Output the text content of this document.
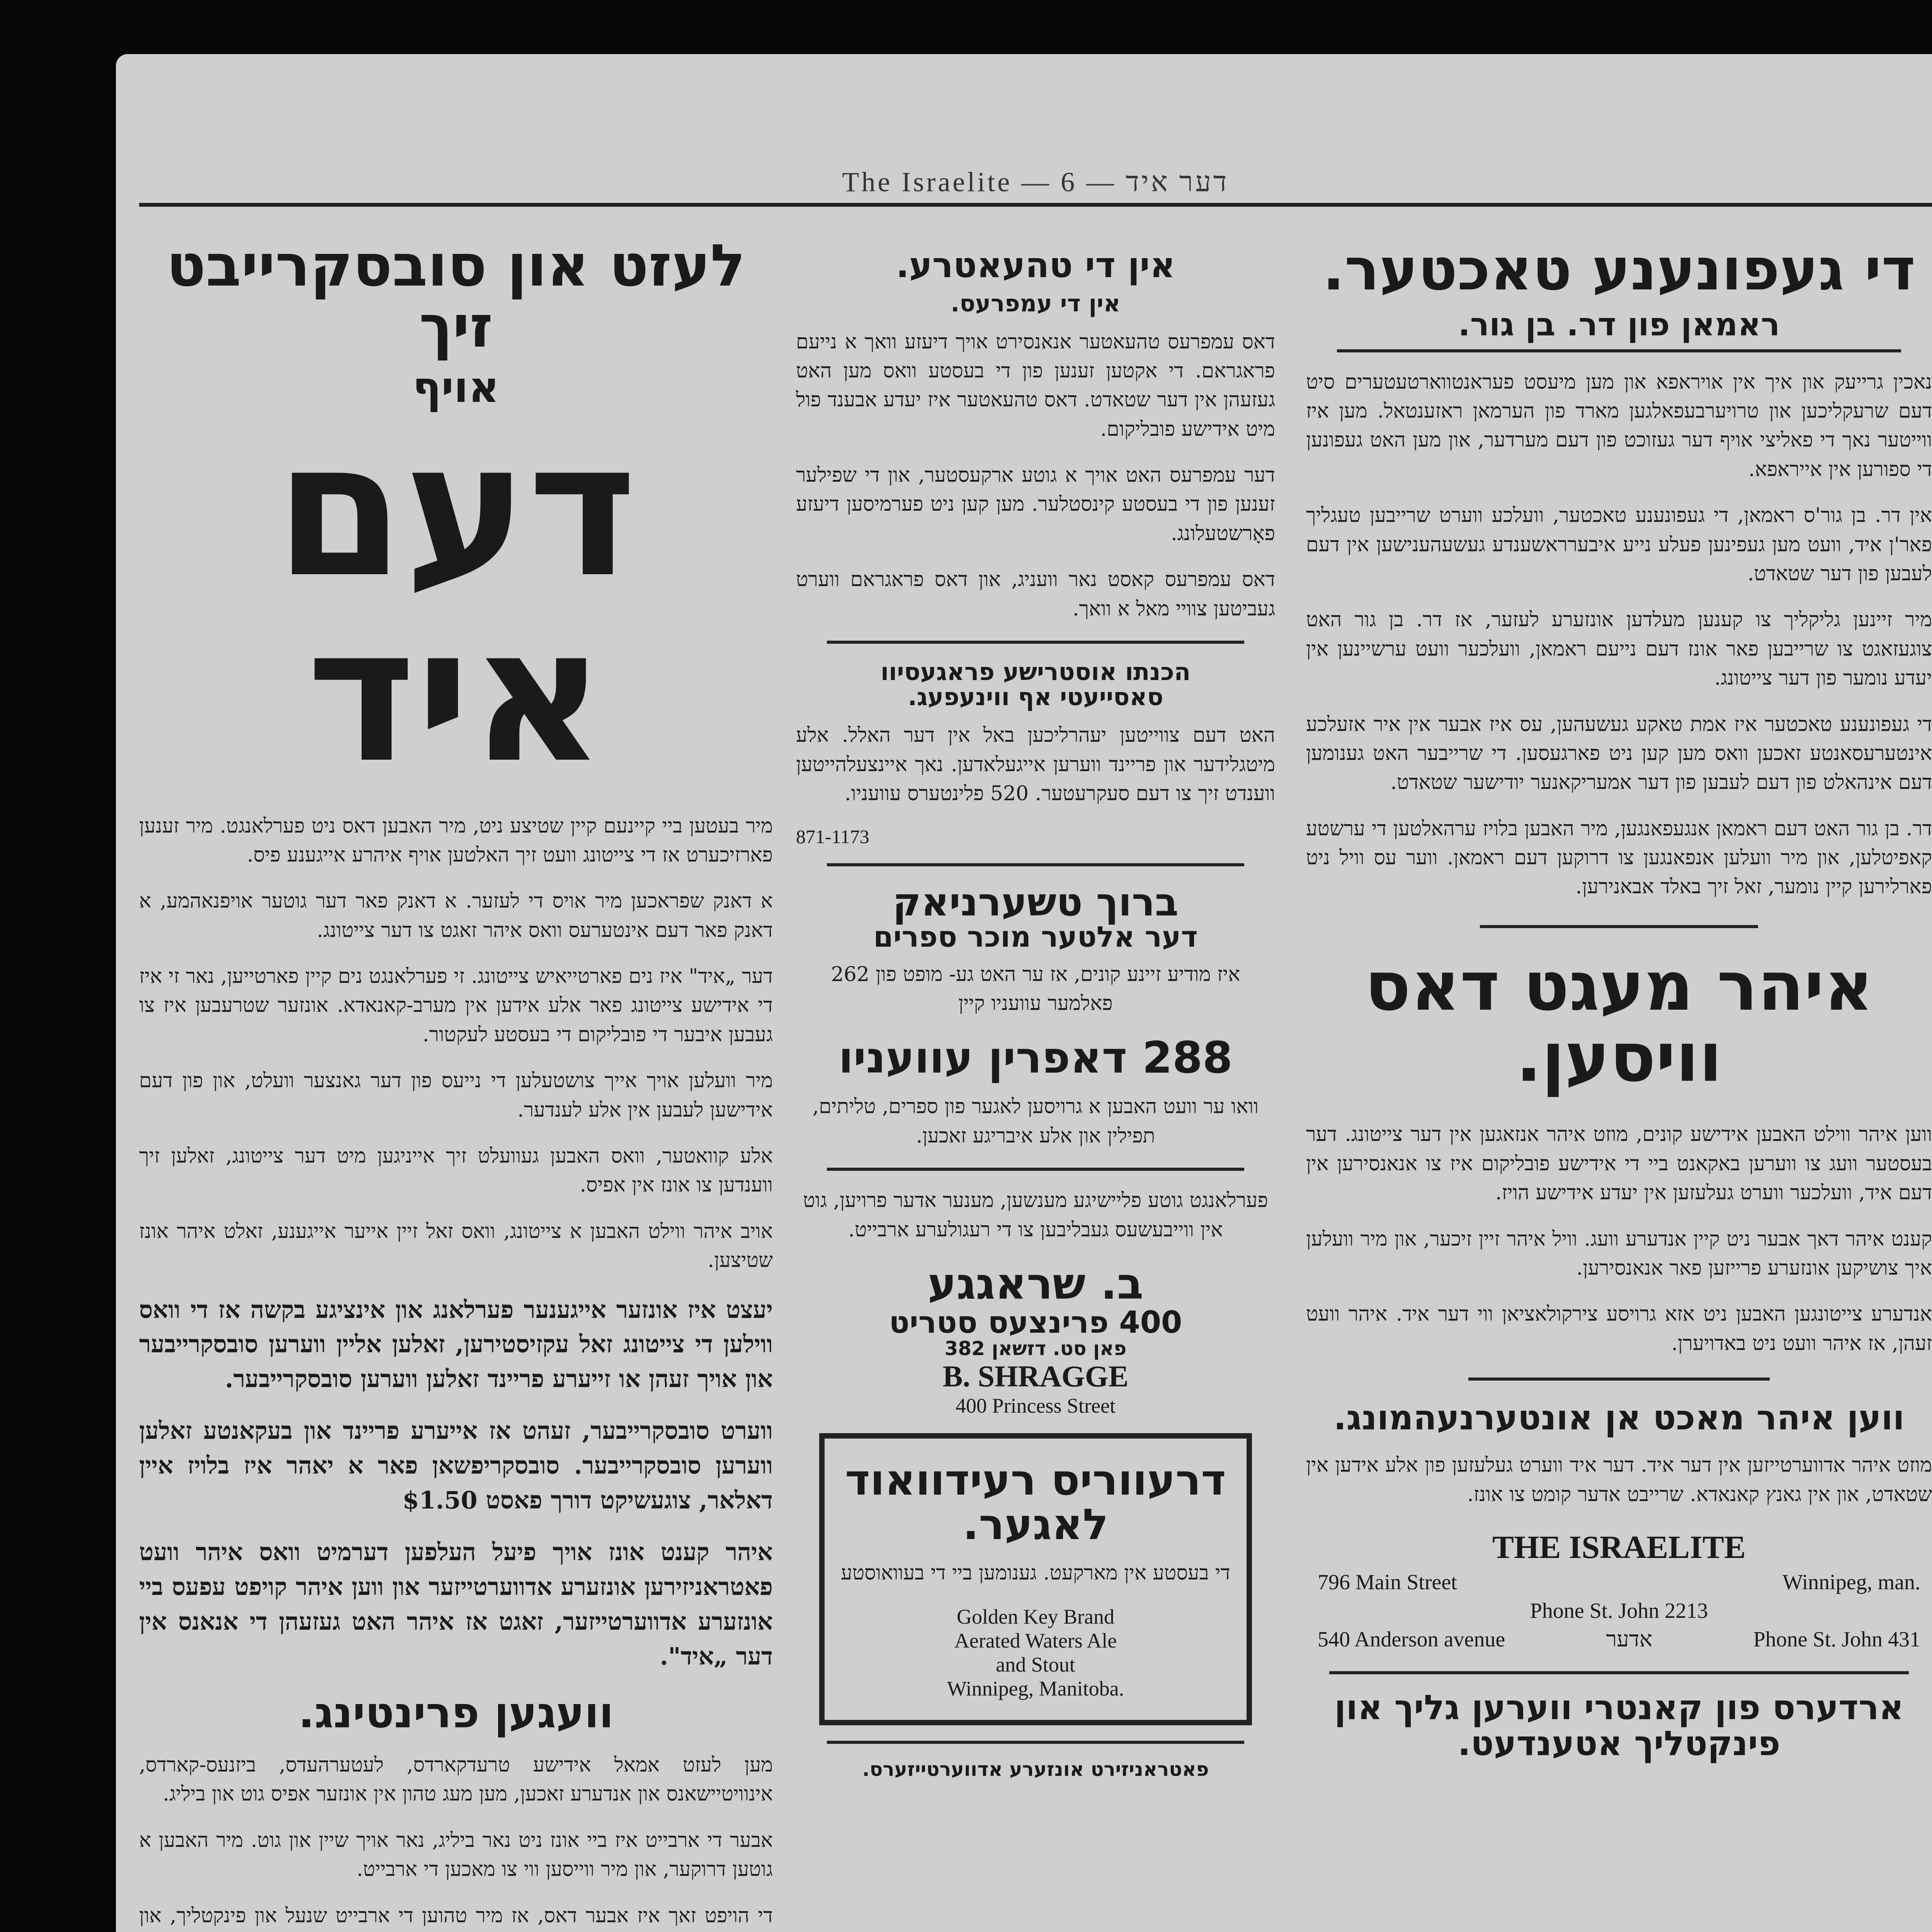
The Israelite — 6 — דער איד
די געפונענע טאכטער.
ראמאן פון דר. בן גור.

נאכין גרייעק און איך אין אויראפא און מען מיעסט פעראנטווארטעטערים סיט דעם שרעקליכען און טרויערבעפאלגען מארד פון הערמאן ראזענטאל. מען איז ווייטער נאך די פאליצי אויף דער געזוכט פון דעם מערדער, און מען האט געפונען די ספורען אין אייראפא.

אין דר. בן גור'ס ראמאן, די געפונענע טאכטער, וועלכע ווערט שרייבען טעגליך פאר'ן איד, וועט מען געפינען פעלע נייע איבערראשענדע געשעהענישען אין דעם לעבען פון דער שטאדט.

מיר זיינען גליקליך צו קענען מעלדען אונזערע לעזער, אז דר. בן גור האט צוגעזאגט צו שרייבען פאר אונז דעם נייעם ראמאן, וועלכער וועט ערשיינען אין יעדע נומער פון דער צייטונג.

די געפונענע טאכטער איז אמת טאקע געשעהען, עס איז אבער אין איר אזעלכע אינטערעסאנטע זאכען וואס מען קען ניט פארגעסען. די שרייבער האט גענומען דעם אינהאלט פון דעם לעבען פון דער אמעריקאנער יודישער שטאדט.

דר. בן גור האט דעם ראמאן אנגעפאנגען, מיר האבען בלויז ערהאלטען די ערשטע קאפיטלען, און מיר וועלען אנפאנגען צו דרוקען דעם ראמאן. ווער עס וויל ניט פארלירען קיין נומער, זאל זיך באלד אבאנירען.

איהר מעגט דאס וויסען.

ווען איהר ווילט האבען אידישע קונים, מוזט איהר אנזאגען אין דער צייטונג. דער בעסטער וועג צו ווערען באקאנט ביי די אידישע פובליקום איז צו אנאנסירען אין דעם איד, וועלכער ווערט געלעזען אין יעדע אידישע הויז.

קענט איהר דאך אבער ניט קיין אנדערע וועג. וויל איהר זיין זיכער, און מיר וועלען איך צושיקען אונזערע פרייזען פאר אנאנסירען.

אנדערע צייטונגען האבען ניט אזא גרויסע צירקולאציאן ווי דער איד. איהר וועט זעהן, אז איהר וועט ניט באדויערן.

ווען איהר מאכט אן אונטערנעהמונג.

מוזט איהר אדווערטייזען אין דער איד. דער איד ווערט געלעזען פון אלע אידען אין שטאדט, און אין גאנץ קאנאדא. שרייבט אדער קומט צו אונז.

THE ISRAELITE
796 Main Street	Winnipeg, man.
Phone St. John 2213
540 Anderson avenue	אדער	Phone St. John 431
ארדערס פון קאנטרי ווערען גליך און פינקטליך אטענדעט.
אין די טהעאטרע.
אין די עמפרעס.

דאס עמפרעס טהעאטער אנאנסירט אויך דיעזע וואך א נייעם פראגראם. די אקטען זענען פון די בעסטע וואס מען האט געזעהן אין דער שטאדט. דאס טהעאטער איז יעדע אבענד פול מיט אידישע פובליקום.

דער עמפרעס האט אויך א גוטע ארקעסטער, און די שפילער זענען פון די בעסטע קינסטלער. מען קען ניט פערמיסען דיעזע פאָרשטעלונג.

דאס עמפרעס קאסט נאר וועניג, און דאס פראגראם ווערט געביטען צוויי מאל א וואך.

הכנתו אוסטרישע פראגעסיוו
סאסייעטי אף ווינעפעג.

האט דעם צווייטען יעהרליכען באל אין דער האלל. אלע מיטגלידער און פריינד ווערען אייגעלאדען. נאך איינצעלהייטען ווענדט זיך צו דעם סעקרעטער. 520 פלינטערס עוועניו.

871-1173
ברוך טשערניאק
דער אלטער מוכר ספרים

איז מודיע זיינע קונים, אז ער האט גע- מופט פון 262 פאלמער עוועניו קיין

288 דאפרין עוועניו

וואו ער וועט האבען א גרויסען לאגער פון ספרים, טליתים, תפילין און אלע איבריגע זאכען.

פערלאנגט גוטע פליישיגע מענשען, מענער אדער פרויען, גוט אין ווייבעשעס געבליבען צו די רעגולערע ארבייט.

ב. שראגגע
400 פרינצעס סטריט
פאן סט. דזשאן 382
B. SHRAGGE
400 Princess Street
דרעווריס רעידוואוד לאגער.

די בעסטע אין מארקעט. גענומען ביי די בעוואוסטע

Golden Key Brand
Aerated Waters Ale
and Stout
Winnipeg, Manitoba.
פאטראניזירט אונזערע אדווערטייזערס.
לעזט און סובסקרייבט זיך
אויף
דעם איד

מיר בעטען ביי קיינעם קיין שטיצע ניט, מיר האבען דאס ניט פערלאנגט. מיר זענען פארזיכערט אז די צייטונג וועט זיך האלטען אויף איהרע אייגענע פיס.

א דאנק שפראכען מיר אויס די לעזער. א דאנק פאר דער גוטער אויפנאהמע, א דאנק פאר דעם אינטערעס וואס איהר זאגט צו דער צייטונג.

דער „איד" איז נים פארטייאיש צייטונג. זי פערלאנגט נים קיין פארטייען, נאר זי איז די אידישע צייטונג פאר אלע אידען אין מערב-קאנאדא. אונזער שטרעבען איז צו געבען איבער די פובליקום די בעסטע לעקטור.

מיר וועלען אויך אייך צושטעלען די נייעס פון דער גאנצער וועלט, און פון דעם אידישען לעבען אין אלע לענדער.

אלע קוואטער, וואס האבען געוועלט זיך אייניגען מיט דער צייטונג, זאלען זיך ווענדען צו אונז אין אפיס.

אויב איהר ווילט האבען א צייטונג, וואס זאל זיין אייער אייגענע, זאלט איהר אונז שטיצען.

יעצט איז אונזער אייגענער פערלאנג און אינציגע בקשה אז די וואס ווילען די צייטונג זאל עקזיסטירען, זאלען אליין ווערען סובסקרייבער און אויך זעהן או זייערע פריינד זאלען ווערען סובסקרייבער.

ווערט סובסקרייבער, זעהט אז אייערע פריינד און בעקאנטע זאלען ווערען סובסקרייבער. סובסקריפשאן פאר א יאהר איז בלויז איין דאלאר, צוגעשיקט דורך פאסט $1.50

איהר קענט אונז אויך פיעל העלפען דערמיט וואס איהר וועט פאטראניזירען אונזערע אדווערטייזער און ווען איהר קויפט עפעס ביי אונזערע אדווערטייזער, זאגט אז איהר האט געזעהן די אנאנס אין דער „איד".

וועגען פרינטינג.

מען לעזט אמאל אידישע טרעדקארדס, לעטערהעדס, ביזנעס-קארדס, אינוויטיישאנס און אנדערע זאכען, מען מעג טהון אין אונזער אפיס גוט און ביליג.

אבער די ארבייט איז ביי אונז ניט נאר ביליג, נאר אויך שיין און גוט. מיר האבען א גוטען דרוקער, און מיר ווייסען ווי צו מאכען די ארבייט.

די הויפט זאך איז אבער דאס, אז מיר טהוען די ארבייט שנעל און פינקטליך, און
